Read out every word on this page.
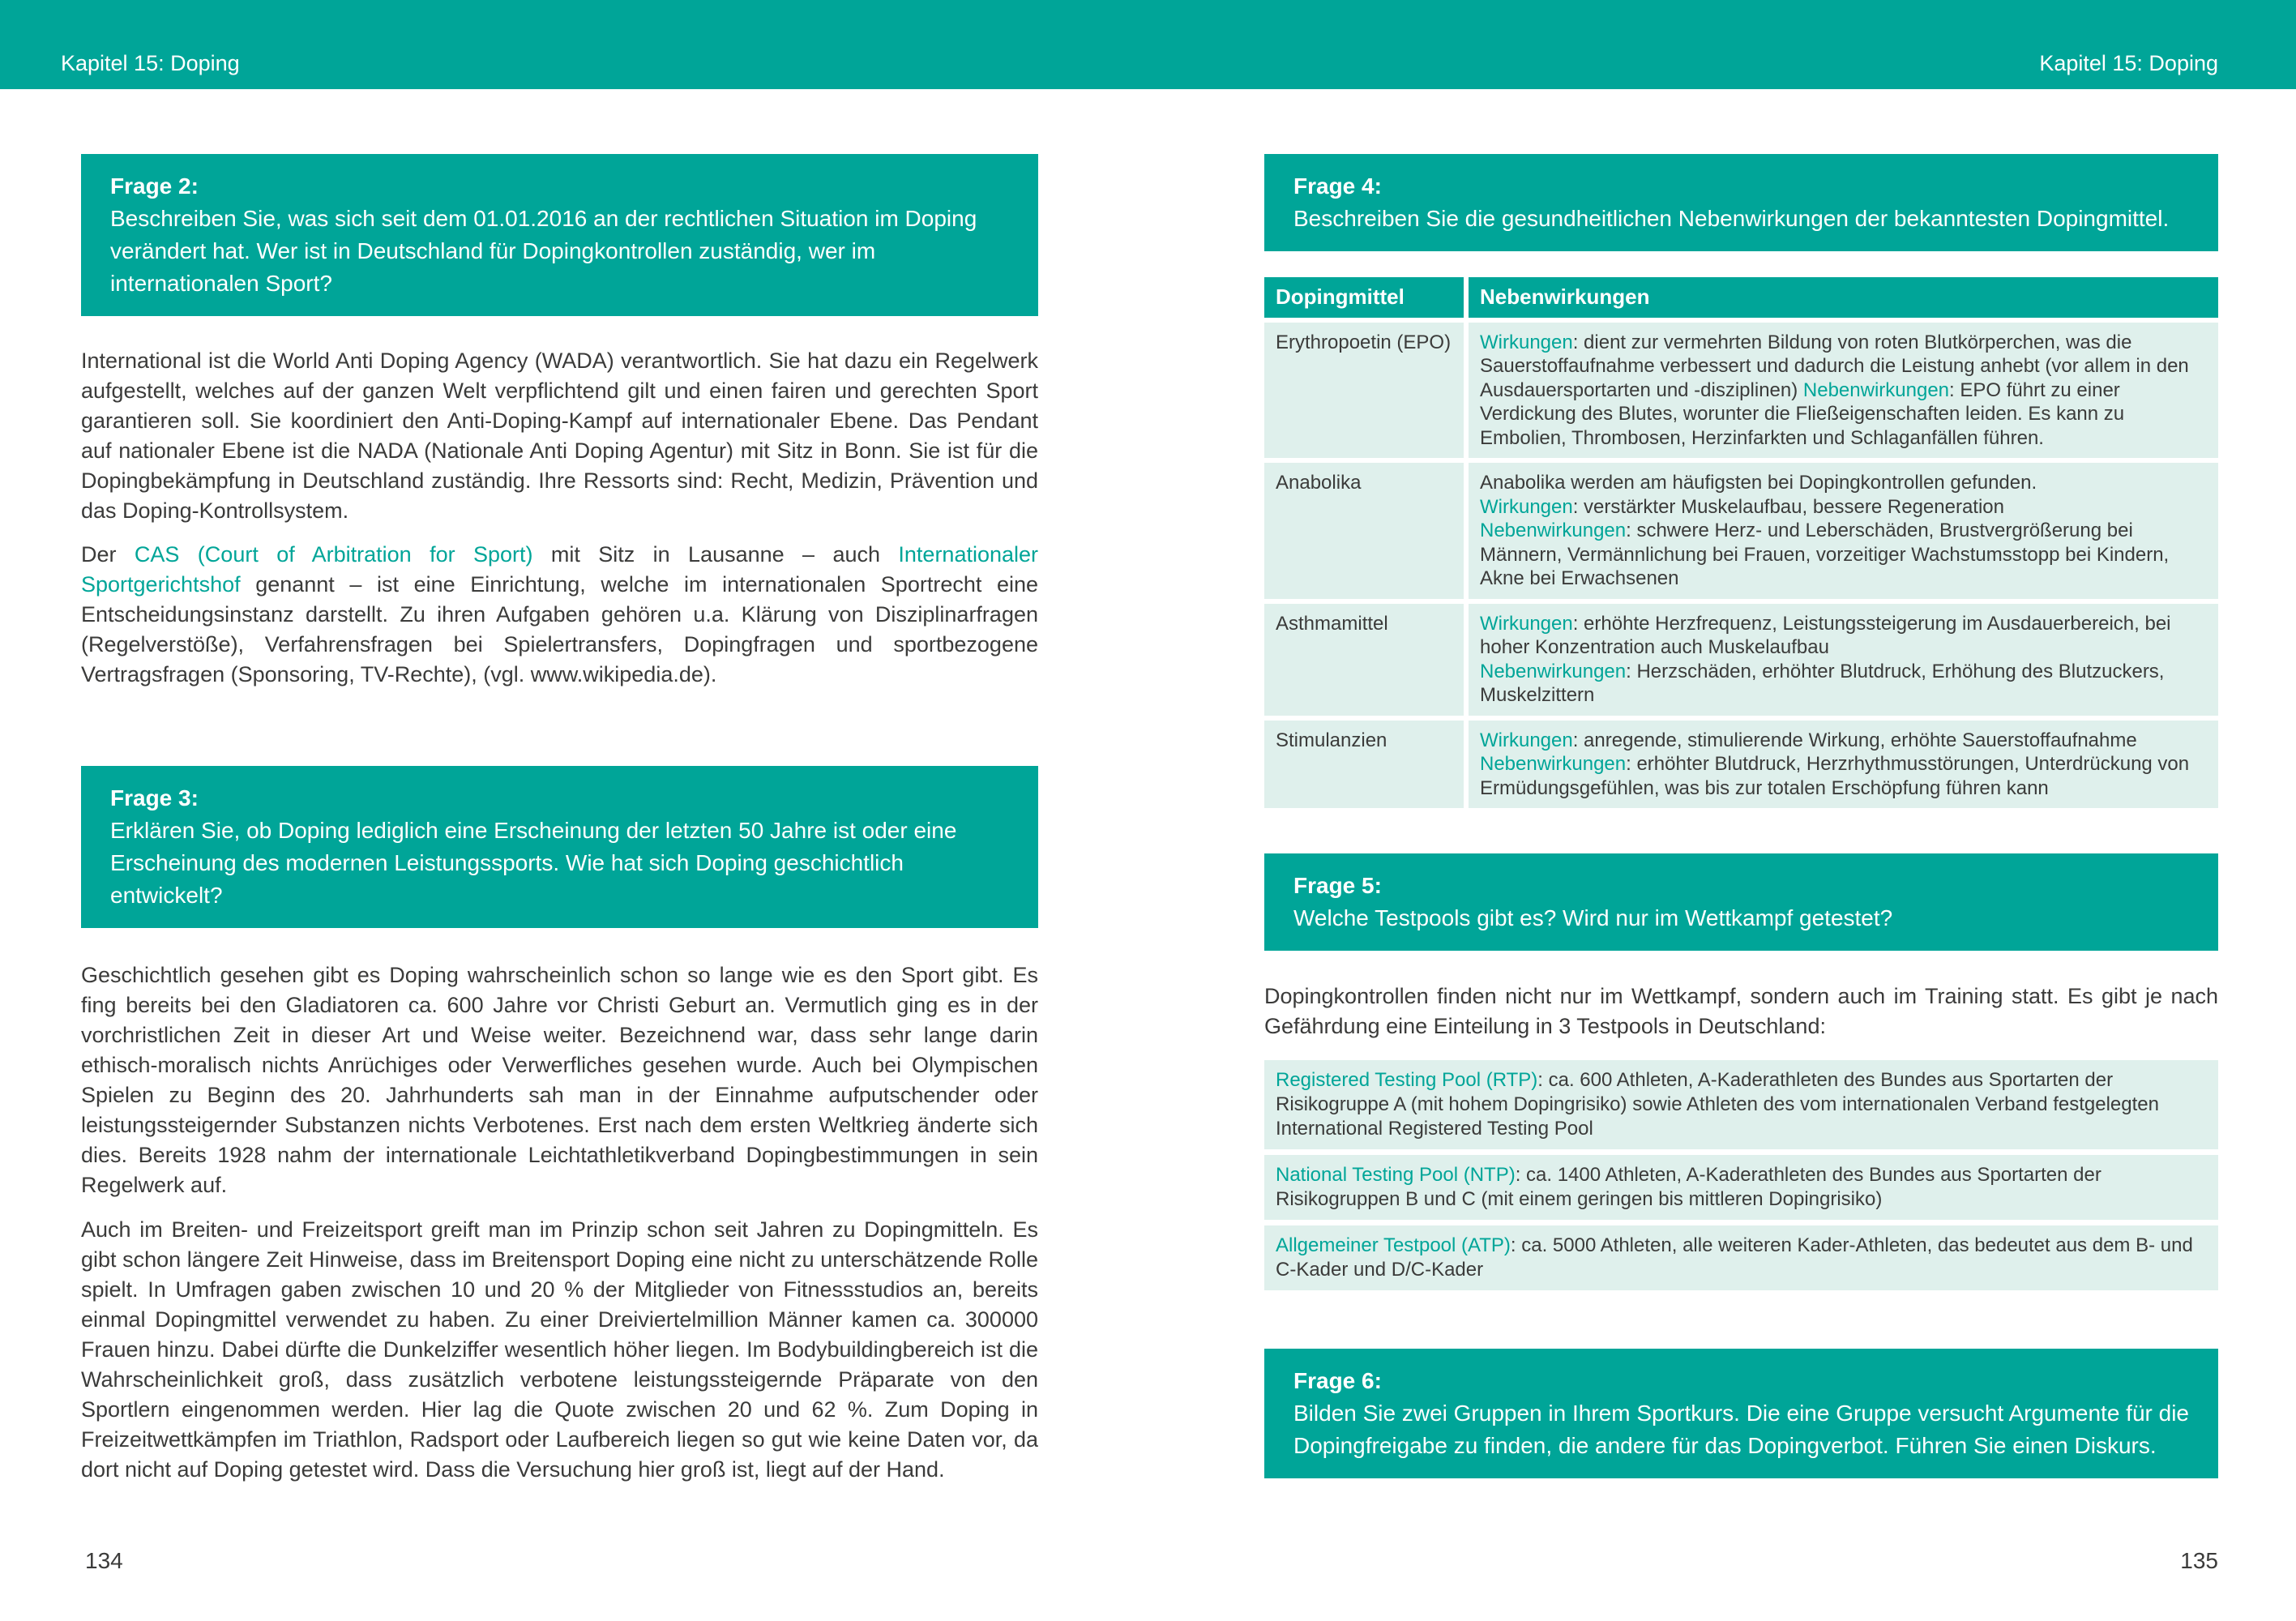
Kapitel 15: Doping	Kapitel 15: Doping
Frage 2:
Beschreiben Sie, was sich seit dem 01.01.2016 an der rechtlichen Situation im Doping verändert hat. Wer ist in Deutschland für Dopingkontrollen zuständig, wer im internationalen Sport?

International ist die World Anti Doping Agency (WADA) verantwortlich. Sie hat dazu ein Regelwerk aufgestellt, welches auf der ganzen Welt verpflichtend gilt und einen fairen und gerechten Sport garantieren soll. Sie koordiniert den Anti-Doping-Kampf auf internationaler Ebene. Das Pendant auf nationaler Ebene ist die NADA (Nationale Anti Doping Agentur) mit Sitz in Bonn. Sie ist für die Dopingbekämpfung in Deutschland zuständig. Ihre Ressorts sind: Recht, Medizin, Prävention und das Doping-Kontrollsystem.

Der CAS (Court of Arbitration for Sport) mit Sitz in Lausanne – auch Internationaler Sportgerichtshof genannt – ist eine Einrichtung, welche im internationalen Sportrecht eine Entscheidungsinstanz darstellt. Zu ihren Aufgaben gehören u.a. Klärung von Disziplinarfragen (Regelverstöße), Verfahrensfragen bei Spielertransfers, Dopingfragen und sportbezogene Vertragsfragen (Sponsoring, TV-Rechte), (vgl. www.wikipedia.de).

Frage 3:
Erklären Sie, ob Doping lediglich eine Erscheinung der letzten 50 Jahre ist oder eine Erscheinung des modernen Leistungssports. Wie hat sich Doping geschichtlich entwickelt?

Geschichtlich gesehen gibt es Doping wahrscheinlich schon so lange wie es den Sport gibt. Es fing bereits bei den Gladiatoren ca. 600 Jahre vor Christi Geburt an. Vermutlich ging es in der vorchristlichen Zeit in dieser Art und Weise weiter. Bezeichnend war, dass sehr lange darin ethisch-moralisch nichts Anrüchiges oder Verwerfliches gesehen wurde. Auch bei Olympischen Spielen zu Beginn des 20. Jahrhunderts sah man in der Einnahme aufputschender oder leistungssteigernder Substanzen nichts Verbotenes. Erst nach dem ersten Weltkrieg änderte sich dies. Bereits 1928 nahm der internationale Leichtathletikverband Dopingbestimmungen in sein Regelwerk auf.

Auch im Breiten- und Freizeitsport greift man im Prinzip schon seit Jahren zu Dopingmitteln. Es gibt schon längere Zeit Hinweise, dass im Breitensport Doping eine nicht zu unterschätzende Rolle spielt. In Umfragen gaben zwischen 10 und 20 % der Mitglieder von Fitnessstudios an, bereits einmal Dopingmittel verwendet zu haben. Zu einer Dreiviertelmillion Männer kamen ca. 300000 Frauen hinzu. Dabei dürfte die Dunkelziffer wesentlich höher liegen. Im Bodybuildingbereich ist die Wahrscheinlichkeit groß, dass zusätzlich verbotene leistungssteigernde Präparate von den Sportlern eingenommen werden. Hier lag die Quote zwischen 20 und 62 %. Zum Doping in Freizeitwettkämpfen im Triathlon, Radsport oder Laufbereich liegen so gut wie keine Daten vor, da dort nicht auf Doping getestet wird. Dass die Versuchung hier groß ist, liegt auf der Hand.

Frage 4:
Beschreiben Sie die gesundheitlichen Nebenwirkungen der bekanntesten Dopingmittel.
Dopingmittel	Nebenwirkungen
Erythropoetin (EPO)	Wirkungen: dient zur vermehrten Bildung von roten Blutkörperchen, was die Sauerstoffaufnahme verbessert und dadurch die Leistung anhebt (vor allem in den Ausdauersportarten und -disziplinen) Nebenwirkungen: EPO führt zu einer Verdickung des Blutes, worunter die Fließeigenschaften leiden. Es kann zu Embolien, Thrombosen, Herzinfarkten und Schlaganfällen führen.
Anabolika	Anabolika werden am häufigsten bei Dopingkontrollen gefunden.
Wirkungen: verstärkter Muskelaufbau, bessere Regeneration
Nebenwirkungen: schwere Herz- und Leberschäden, Brustvergrößerung bei Männern, Vermännlichung bei Frauen, vorzeitiger Wachstumsstopp bei Kindern, Akne bei Erwachsenen
Asthmamittel	Wirkungen: erhöhte Herzfrequenz, Leistungssteigerung im Ausdauerbereich, bei hoher Konzentration auch Muskelaufbau
Nebenwirkungen: Herzschäden, erhöhter Blutdruck, Erhöhung des Blutzuckers, Muskelzittern
Stimulanzien	Wirkungen: anregende, stimulierende Wirkung, erhöhte Sauerstoffaufnahme
Nebenwirkungen: erhöhter Blutdruck, Herzrhythmusstörungen, Unterdrückung von Ermüdungsgefühlen, was bis zur totalen Erschöpfung führen kann
Frage 5:
Welche Testpools gibt es? Wird nur im Wettkampf getestet?

Dopingkontrollen finden nicht nur im Wettkampf, sondern auch im Training statt. Es gibt je nach Gefährdung eine Einteilung in 3 Testpools in Deutschland:

Registered Testing Pool (RTP): ca. 600 Athleten, A-Kaderathleten des Bundes aus Sportarten der Risikogruppe A (mit hohem Dopingrisiko) sowie Athleten des vom internationalen Verband festgelegten International Registered Testing Pool
National Testing Pool (NTP): ca. 1400 Athleten, A-Kaderathleten des Bundes aus Sportarten der Risikogruppen B und C (mit einem geringen bis mittleren Dopingrisiko)
Allgemeiner Testpool (ATP): ca. 5000 Athleten, alle weiteren Kader-Athleten, das bedeutet aus dem B- und C-Kader und D/C-Kader
Frage 6:
Bilden Sie zwei Gruppen in Ihrem Sportkurs. Die eine Gruppe versucht Argumente für die Dopingfreigabe zu finden, die andere für das Dopingverbot. Führen Sie einen Diskurs.
134	135
